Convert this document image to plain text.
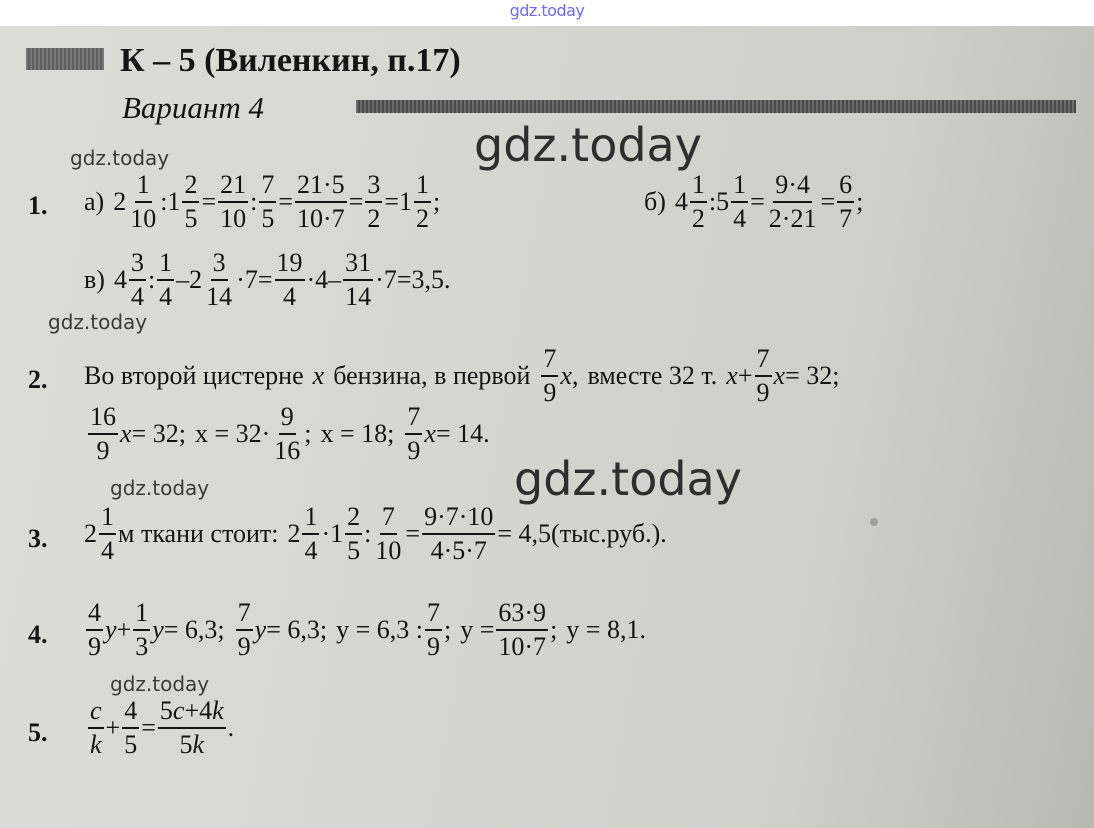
gdz.today
К – 5 (Виленкин, п.17)
Вариант 4
gdz.today
gdz.today
gdz.today
gdz.today
gdz.today
gdz.today
1. а) $2 \frac{1}{10}$ :1 $\frac{2}{5} = \frac{21}{10}$ : $\frac{7}{5} = \frac{21\cdot 5}{10\cdot 7} = \frac{3}{2} =1 \frac{1}{2}$ ;	б) $4 \frac{1}{2}$ :5 $\frac{1}{4} = \frac{9\cdot 4}{2\cdot 21} = \frac{6}{7}$ ;
в) $4 \frac{3}{4}$ : $\frac{1}{4} -2 \frac{3}{14} \cdot 7= \frac{19}{4} \cdot 4- \frac{31}{14} \cdot 7= 3,5$.
2. Во второй цистерне x бензина, в первой $\frac{7}{9}$ x , вместе 32 т. $x + \frac{7}{9}$ x = 32;
$\frac{16}{9}$ x = 32; $x = 32\cdot \frac{9}{16}$ ; x = 18; $\frac{7}{9}$ x = 14.
3. $2 \frac{1}{4}$ м ткани стоит: $2 \frac{1}{4} \cdot 1 \frac{2}{5}$ : $\frac{7}{10} = \frac{9\cdot 7\cdot 10}{4\cdot 5\cdot 7} = 4,5(тыс.руб.)$.
4. $\frac{4}{9}$ $y + \frac{1}{3}$ y = 6,3; $\frac{7}{9}$ y = 6,3; y = 6,3 : $\frac{7}{9}$ ; $y = \frac{63\cdot 9}{10\cdot 7}$ ; y = 8,1.
5. $\frac{c}{k} + \frac{4}{5} = \frac{5c+4k}{5k}$ .
